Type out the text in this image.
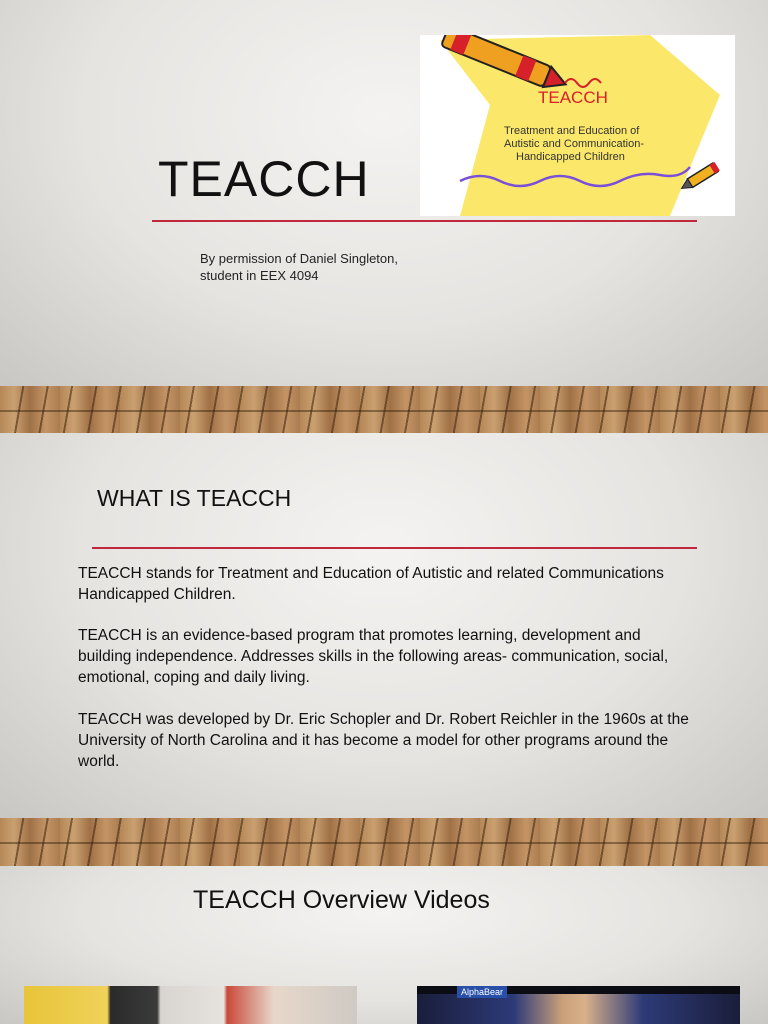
TEACCH
By permission of Daniel Singleton,
student in EEX 4094
TEACCH
Treatment and Education of
Autistic and Communication-
Handicapped Children
WHAT IS TEACCH
TEACCH stands for Treatment and Education of Autistic and related Communications Handicapped Children.
TEACCH is an evidence-based program that promotes learning, development and building independence. Addresses skills in the following areas- communication, social, emotional, coping and daily living.
TEACCH was developed by Dr. Eric Schopler and Dr. Robert Reichler in the 1960s at the University of North Carolina and it has become a model for other programs around the world.
TEACCH Overview Videos
AlphaBear
